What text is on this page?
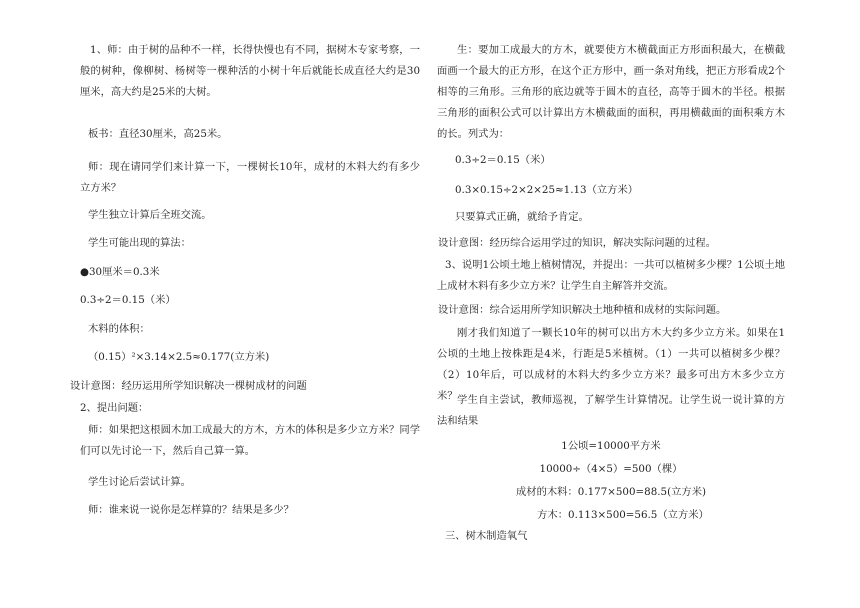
1、师：由于树的品种不一样，长得快慢也有不同，据树木专家考察，一般的树种，像柳树、杨树等一棵种活的小树十年后就能长成直径大约是30厘米，高大约是25米的大树。

板书：直径30厘米，高25米。

师：现在请同学们来计算一下，一棵树长10年，成材的木料大约有多少立方米？

学生独立计算后全班交流。

学生可能出现的算法：

●30厘米＝0.3米

0.3÷2＝0.15（米）

木料的体积：

（0.15）²×3.14×2.5≈0.177(立方米)

设计意图：经历运用所学知识解决一棵树成材的问题

2、提出问题：

师：如果把这根圆木加工成最大的方木，方木的体积是多少立方米？同学们可以先讨论一下，然后自己算一算。

学生讨论后尝试计算。

师：谁来说一说你是怎样算的？结果是多少？

生：要加工成最大的方木，就要使方木横截面正方形面积最大，在横截面画一个最大的正方形，在这个正方形中，画一条对角线，把正方形看成2个相等的三角形。三角形的底边就等于圆木的直径，高等于圆木的半径。根据三角形的面积公式可以计算出方木横截面的面积，再用横截面的面积乘方木的长。列式为：

0.3÷2＝0.15（米）

0.3×0.15÷2×2×25≈1.13（立方米）

只要算式正确，就给予肯定。

设计意图：经历综合运用学过的知识，解决实际问题的过程。

3、说明1公顷土地上植树情况，并提出：一共可以植树多少棵？1公顷土地上成材木料有多少立方米？让学生自主解答并交流。

设计意图：综合运用所学知识解决土地种植和成材的实际问题。

刚才我们知道了一颗长10年的树可以出方木大约多少立方米。如果在1公顷的土地上按株距是4米，行距是5米植树。（1）一共可以植树多少棵？（2）10年后，可以成材的木料大约多少立方米？最多可出方木多少立方米？ 学生自主尝试，教师巡视，了解学生计算情况。让学生说一说计算的方法和结果

1公顷=10000平方米

10000÷（4×5）=500（棵）

成材的木料：0.177×500=88.5(立方米)

方木：0.113×500=56.5（立方米）

三、树木制造氧气
